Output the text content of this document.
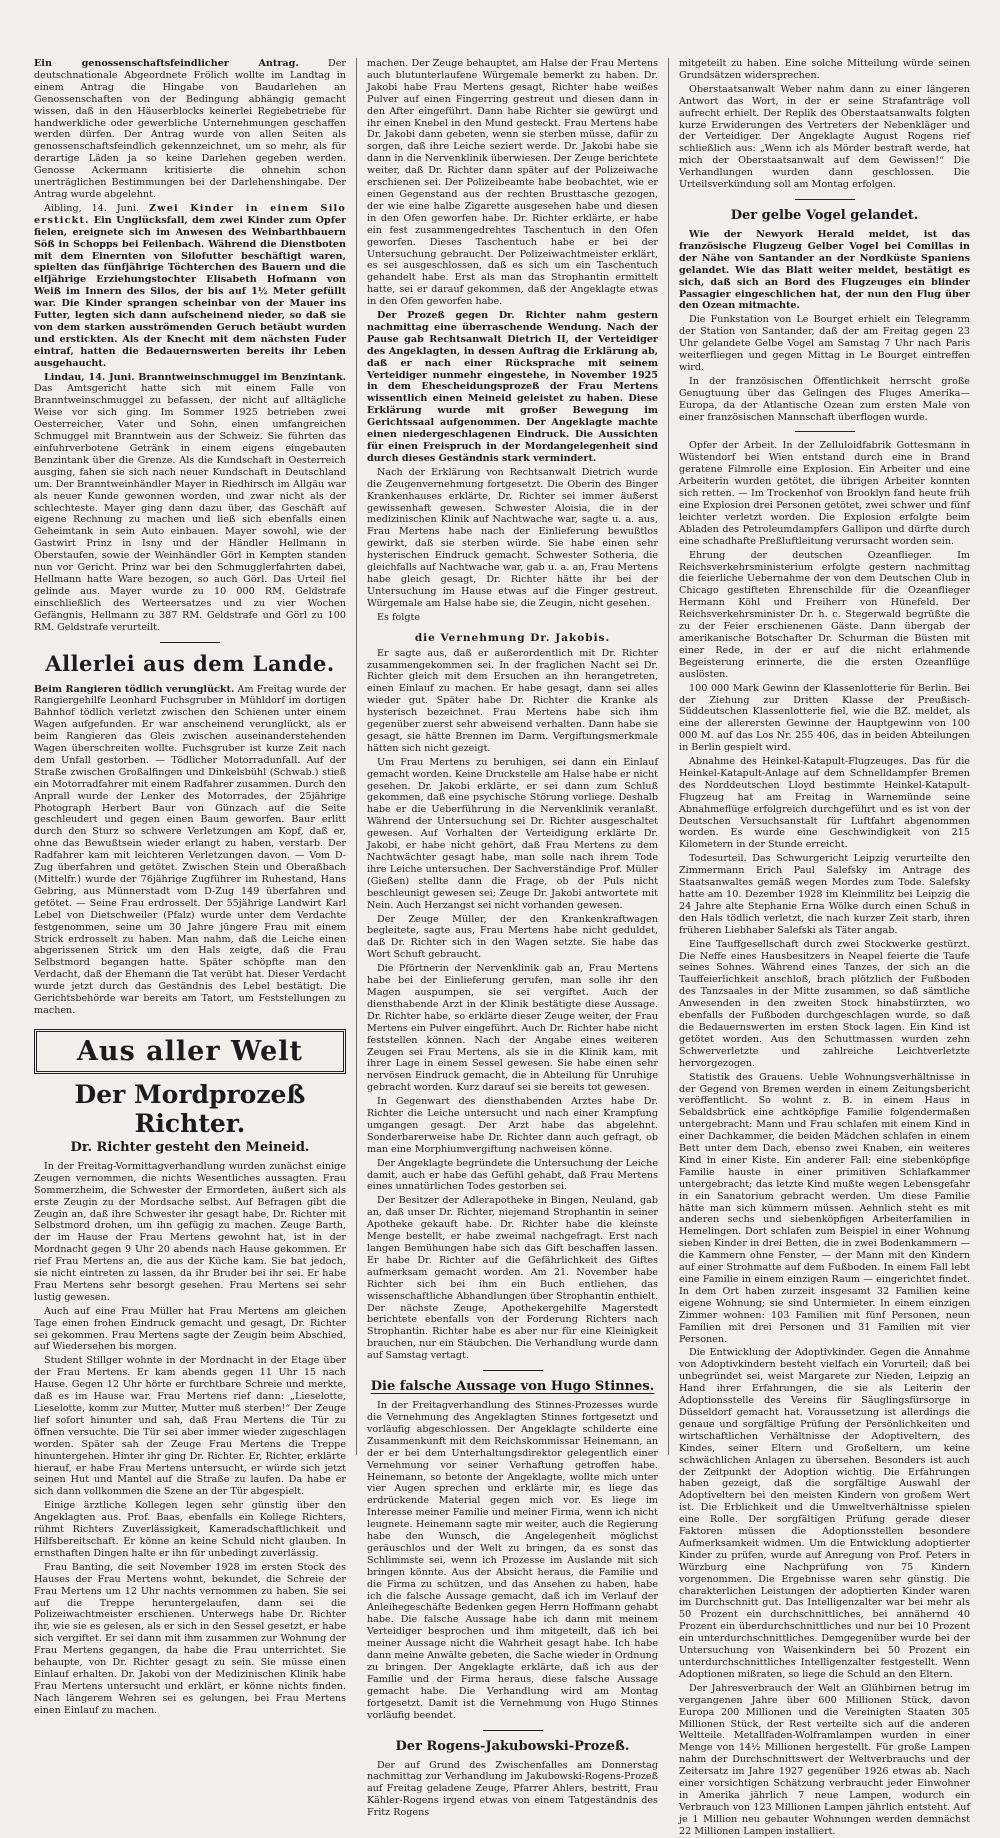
Ein genossenschaftsfeindlicher Antrag.	Der deutschnationale Abgeordnete Frölich wollte im Landtag in einem Antrag die Hingabe von Baudarlehen an Genossenschaften von der Bedingung abhängig gemacht wissen, daß in den Häuserblocks keinerlei Regiebetriebe für handwerkliche oder gewerbliche Unternehmungen geschaffen werden dürfen. Der Antrag wurde von allen Seiten als genossenschaftsfeindlich gekennzeichnet, um so mehr, als für derartige Läden ja so keine Darlehen gegeben werden. Genosse Ackermann kritisierte die ohnehin schon unerträglichen Bestimmungen bei der Darlehenshingabe. Der Antrag wurde abgelehnt.

Aibling, 14. Juni. Zwei Kinder in einem Silo erstickt. Ein Unglücksfall, dem zwei Kinder zum Opfer fielen, ereignete sich im Anwesen des Weinbarthbauern Söß in Schopps bei Feilenbach. Während die Dienstboten mit dem Einernten von Silofutter beschäftigt waren, spielten das fünfjährige Töchterchen des Bauern und die elfjährige Erziehungstochter Elisabeth Hofmann von Weiß im Innern des Silos, der bis auf 1½ Meter gefüllt war. Die Kinder sprangen scheinbar von der Mauer ins Futter, legten sich dann aufscheinend nieder, so daß sie von dem starken ausströmenden Geruch betäubt wurden und erstickten. Als der Knecht mit dem nächsten Fuder eintraf, hatten die Bedauernswerten bereits ihr Leben ausgehaucht.

Lindau, 14. Juni. Branntweinschmuggel im Benzintank. Das Amtsgericht hatte sich mit einem Falle von Branntweinschmuggel zu befassen, der nicht auf alltägliche Weise vor sich ging. Im Sommer 1925 betrieben zwei Oesterreicher, Vater und Sohn, einen umfangreichen Schmuggel mit Branntwein aus der Schweiz. Sie führten das einfuhrverbotene Getränk in einem eigens eingebauten Benzintank über die Grenze. Als die Kundschaft in Oesterreich ausging, fahen sie sich nach neuer Kundschaft in Deutschland um. Der Branntweinhändler Mayer in Riedhirsch im Allgäu war als neuer Kunde gewonnen worden, und zwar nicht als der schlechteste. Mayer ging dann dazu über, das Geschäft auf eigene Rechnung zu machen und ließ sich ebenfalls einen Geheimtank in sein Auto einbauen. Mayer sowohl, wie der Gastwirt Prinz in Isny und der Händler Hellmann in Oberstaufen, sowie der Weinhändler Görl in Kempten standen nun vor Gericht. Prinz war bei den Schmugglerfahrten dabei, Hellmann hatte Ware bezogen, so auch Görl. Das Urteil fiel gelinde aus. Mayer wurde zu 10 000 RM. Geldstrafe einschließlich des Werteersatzes und zu vier Wochen Gefängnis, Hellmann zu 387 RM. Geldstrafe und Görl zu 100 RM. Geldstrafe verurteilt.

Allerlei aus dem Lande.

Beim Rangieren tödlich verunglückt. Am Freitag wurde der Rangiergehilfe Leonhard Fuchsgruber in Mühldorf im dortigen Bahnhof tödlich verletzt zwischen den Schienen unter einem Wagen aufgefunden. Er war anscheinend verunglückt, als er beim Rangieren das Gleis zwischen auseinanderstehenden Wagen überschreiten wollte. Fuchsgruber ist kurze Zeit nach dem Unfall gestorben. — Tödlicher Motorradunfall. Auf der Straße zwischen Großalfingen und Dinkelsbühl (Schwab.) stieß ein Motorradfahrer mit einem Radfahrer zusammen. Durch den Anprall wurde der Lenker des Motorrades, der 25jährige Photograph Herbert Baur von Günzach auf die Seite geschleudert und gegen einen Baum geworfen. Baur erlitt durch den Sturz so schwere Verletzungen am Kopf, daß er, ohne das Bewußtsein wieder erlangt zu haben, verstarb. Der Radfahrer kam mit leichteren Verletzungen davon. — Vom D-Zug überfahren und getötet. Zwischen Stein und Oberaßbach (Mittelfr.) wurde der 76jährige Zugführer im Ruhestand, Hans Gebring, aus Münnerstadt vom D-Zug 149 überfahren und getötet. — Seine Frau erdrosselt. Der 55jährige Landwirt Karl Lebel von Dietschweiler (Pfalz) wurde unter dem Verdachte festgenommen, seine um 30 Jahre jüngere Frau mit einem Strick erdrosselt zu haben. Man nahm, daß die Leiche einen abgerissenen Strick um den Hals zeigte, daß die Frau Selbstmord begangen hatte. Später schöpfte man den Verdacht, daß der Ehemann die Tat verübt hat. Dieser Verdacht wurde jetzt durch das Geständnis des Lebel bestätigt. Die Gerichtsbehörde war bereits am Tatort, um Feststellungen zu machen.

Aus aller Welt
Der Mordprozeß Richter.
Dr. Richter gesteht den Meineid.

In der Freitag-Vormittagverhandlung wurden zunächst einige Zeugen vernommen, die nichts Wesentliches aussagten. Frau Sommerzheim, die Schwester der Ermordeten, äußert sich als erste Zeugin zu der Mordsache selbst. Auf Befragen gibt die Zeugin an, daß ihre Schwester ihr gesagt habe, Dr. Richter mit Selbstmord drohen, um ihn gefügig zu machen. Zeuge Barth, der im Hause der Frau Mertens gewohnt hat, ist in der Mordnacht gegen 9 Uhr 20 abends nach Hause gekommen. Er rief Frau Mertens an, die aus der Küche kam. Sie bat jedoch, sie nicht eintreten zu lassen, da ihr Bruder bei ihr sei. Er habe Frau Mertens sehr besorgt gesehen. Frau Mertens sei sehr lustig gewesen.

Auch auf eine Frau Müller hat Frau Mertens am gleichen Tage einen frohen Eindruck gemacht und gesagt, Dr. Richter sei gekommen. Frau Mertens sagte der Zeugin beim Abschied, auf Wiedersehen bis morgen.

Student Stillger wohnte in der Mordnacht in der Etage über der Frau Mertens. Er kam abends gegen 11 Uhr 15 nach Hause. Gegen 12 Uhr hörte er furchtbare Schreie und merkte, daß es im Hause war. Frau Mertens rief dann: „Lieselotte, Lieselotte, komm zur Mutter, Mutter muß sterben!“ Der Zeuge lief sofort hinunter und sah, daß Frau Mertens die Tür zu öffnen versuchte. Die Tür sei aber immer wieder zugeschlagen worden. Später sah der Zeuge Frau Mertens die Treppe hinuntergehen. Hinter ihr ging Dr. Richter. Er, Richter, erklärte hierauf, er habe Frau Mertens untersucht, er würde sich jetzt seinen Hut und Mantel auf die Straße zu laufen. Da habe er sich dann vollkommen die Szene an der Tür abgespielt.

Einige ärztliche Kollegen legen sehr günstig über den Angeklagten aus. Prof. Baas, ebenfalls ein Kollege Richters, rühmt Richters Zuverlässigkeit, Kameradschaftlichkeit und Hilfsbereitschaft. Er könne an keine Schuld nicht glauben. In ernsthaften Dingen halte er ihn für unbedingt zuverlässig.

Frau Banting, die seit November 1928 im ersten Stock des Hauses der Frau Mertens wohnt, bekundet, die Schreie der Frau Mertens um 12 Uhr nachts vernommen zu haben. Sie sei auf die Treppe heruntergelaufen, dann sei die Polizeiwachtmeister erschienen. Unterwegs habe Dr. Richter ihr, wie sie es gelesen, als er sich in den Sessel gesetzt, er habe sich vergiftet. Er sei dann mit ihm zusammen zur Wohnung der Frau Mertens gegangen, da habe die Frau unterrichtet. Sie behaupte, von Dr. Richter gesagt zu sein. Sie müsse einen Einlauf erhalten. Dr. Jakobi von der Medizinischen Klinik habe Frau Mertens untersucht und erklärt, er könne nichts finden. Nach längerem Wehren sei es gelungen, bei Frau Mertens einen Einlauf zu machen.

machen. Der Zeuge behauptet, am Halse der Frau Mertens auch blutunterlaufene Würgemale bemerkt zu haben. Dr. Jakobi habe Frau Mertens gesagt, Richter habe weißes Pulver auf einen Fingerring gestreut und diesen dann in den After eingeführt. Dann habe Richter sie gewürgt und ihr einen Knebel in den Mund gesteckt. Frau Mertens habe Dr. Jakobi dann gebeten, wenn sie sterben müsse, dafür zu sorgen, daß ihre Leiche seziert werde. Dr. Jakobi habe sie dann in die Nervenklinik überwiesen. Der Zeuge berichtete weiter, daß Dr. Richter dann später auf der Polizeiwache erschienen sei. Der Polizeibeamte habe beobachtet, wie er einen Gegenstand aus der rechten Brusttasche gezogen, der wie eine halbe Zigarette ausgesehen habe und diesen in den Ofen geworfen habe. Dr. Richter erklärte, er habe ein fest zusammengedrehtes Taschentuch in den Ofen geworfen. Dieses Taschentuch habe er bei der Untersuchung gebraucht. Der Polizeiwachtmeister erklärt, es sei ausgeschlossen, daß es sich um ein Taschentuch gehandelt habe. Erst als man das Strophantin ermittelt hatte, sei er darauf gekommen, daß der Angeklagte etwas in den Ofen geworfen habe.

Der Prozeß gegen Dr. Richter nahm gestern nachmittag eine überraschende Wendung. Nach der Pause gab Rechtsanwalt Dietrich II, der Verteidiger des Angeklagten, in dessen Auftrag die Erklärung ab, daß er nach einer Rücksprache mit seinem Verteidiger nunmehr eingestehe, in November 1925 in dem Ehescheidungsprozeß der Frau Mertens wissentlich einen Meineid geleistet zu haben. Diese Erklärung wurde mit großer Bewegung im Gerichtssaal aufgenommen. Der Angeklagte machte einen niedergeschlagenen Eindruck. Die Aussichten für einen Freispruch in der Mordangelegenheit sind durch dieses Geständnis stark vermindert.

Nach der Erklärung von Rechtsanwalt Dietrich wurde die Zeugenvernehmung fortgesetzt. Die Oberin des Binger Krankenhauses erklärte, Dr. Richter sei immer äußerst gewissenhaft gewesen. Schwester Aloisia, die in der medizinischen Klinik auf Nachtwache war, sagte u. a. aus, Frau Mertens habe nach der Einlieferung bewußtlos gewirkt, daß sie sterben würde. Sie habe einen sehr hysterischen Eindruck gemacht. Schwester Sotheria, die gleichfalls auf Nachtwache war, gab u. a. an, Frau Mertens habe gleich gesagt, Dr. Richter hätte ihr bei der Untersuchung im Hause etwas auf die Finger gestreut. Würgemale am Halse habe sie, die Zeugin, nicht gesehen.

Es folgte

die Vernehmung Dr. Jakobis.

Er sagte aus, daß er außerordentlich mit Dr. Richter zusammengekommen sei. In der fraglichen Nacht sei Dr. Richter gleich mit dem Ersuchen an ihn herangetreten, einen Einlauf zu machen. Er habe gesagt, dann sei alles wieder gut. Später habe Dr. Richter die Kranke als hysterisch bezeichnet. Frau Mertens habe sich ihm gegenüber zuerst sehr abweisend verhalten. Dann habe sie gesagt, sie hätte Brennen im Darm. Vergiftungsmerkmale hätten sich nicht gezeigt.

Um Frau Mertens zu beruhigen, sei dann ein Einlauf gemacht worden. Keine Druckstelle am Halse habe er nicht gesehen. Dr. Jakobi erklärte, er sei dann zum Schluß gekommen, daß eine psychische Störung vorliege. Deshalb habe er die Ueberführung in die Nervenklinik veranlaßt. Während der Untersuchung sei Dr. Richter ausgeschaltet gewesen. Auf Vorhalten der Verteidigung erklärte Dr. Jakobi, er habe nicht gehört, daß Frau Mertens zu dem Nachtwächter gesagt habe, man solle nach ihrem Tode ihre Leiche untersuchen. Der Sachverständige Prof. Müller (Gießen) stellte dann die Frage, ob der Puls nicht beschleunigt gewesen sei; Zeuge Dr. Jakobi antwortete mit Nein. Auch Herzangst sei nicht vorhanden gewesen.

Der Zeuge Müller, der den Krankenkraftwagen begleitete, sagte aus, Frau Mertens habe nicht geduldet, daß Dr. Richter sich in den Wagen setzte. Sie habe das Wort Schuft gebraucht.

Die Pförtnerin der Nervenklinik gab an, Frau Mertens habe bei der Einlieferung gerufen, man solle ihr den Magen auspumpen, sie sei vergiftet. Auch der diensthabende Arzt in der Klinik bestätigte diese Aussage. Dr. Richter habe, so erklärte dieser Zeuge weiter, der Frau Mertens ein Pulver eingeführt. Auch Dr. Richter habe nicht feststellen können. Nach der Angabe eines weiteren Zeugen sei Frau Mertens, als sie in die Klinik kam, mit ihrer Lage in einem Sessel gewesen. Sie habe einen sehr nervösen Eindruck gemacht, die in Abteilung für Unruhige gebracht worden. Kurz darauf sei sie bereits tot gewesen.

In Gegenwart des diensthabenden Arztes habe Dr. Richter die Leiche untersucht und nach einer Krampfung umgangen gesagt. Der Arzt habe das abgelehnt. Sonderbarerweise habe Dr. Richter dann auch gefragt, ob man eine Morphiumvergiftung nachweisen könne.

Der Angeklagte begründete die Untersuchung der Leiche damit, auch er habe das Gefühl gehabt, daß Frau Mertens eines unnatürlichen Todes gestorben sei.

Der Besitzer der Adlerapotheke in Bingen, Neuland, gab an, daß unser Dr. Richter, niejemand Strophantin in seiner Apotheke gekauft habe. Dr. Richter habe die kleinste Menge bestellt, er habe zweimal nachgefragt. Erst nach langen Bemühungen habe sich das Gift beschaffen lassen. Er habe Dr. Richter auf die Gefährlichkeit des Giftes aufmerksam gemacht worden. Am 21. November habe Richter sich bei ihm ein Buch entliehen, das wissenschaftliche Abhandlungen über Strophantin enthielt. Der nächste Zeuge, Apothekergehilfe Magerstedt berichtete ebenfalls von der Forderung Richters nach Strophantin. Richter habe es aber nur für eine Kleinigkeit brauchen, nur ein Stäubchen. Die Verhandlung wurde dann auf Samstag vertagt.

Die falsche Aussage von Hugo Stinnes.

In der Freitagverhandlung des Stinnes-Prozesses wurde die Vernehmung des Angeklagten Stinnes fortgesetzt und vorläufig abgeschlossen. Der Angeklagte schilderte eine Zusammenkunft mit dem Reichskommissar Heinemann, an der er bei dem Unterhaltungsdirektor gelegentlich einer Vernehmung vor seiner Verhaftung getroffen habe. Heinemann, so betonte der Angeklagte, wollte mich unter vier Augen sprechen und erklärte mir, es liege das erdrückende Material gegen mich vor. Es liege im Interesse meiner Familie und meiner Firma, wenn ich nicht leugnete. Heinemann sagte mir weiter, auch die Regierung habe den Wunsch, die Angelegenheit möglichst geräuschlos und der Welt zu bringen, da es sonst das Schlimmste sei, wenn ich Prozesse im Auslande mit sich bringen könnte. Aus der Absicht heraus, die Familie und die Firma zu schützen, und das Ansehen zu haben, habe ich die falsche Aussage gemacht, daß ich im Verlauf der Anleihegeschäfte Bedenken gegen Herrn Hoffmann gehabt habe. Die falsche Aussage habe ich dann mit meinem Verteidiger besprochen und ihm mitgeteilt, daß ich bei meiner Aussage nicht die Wahrheit gesagt habe. Ich habe dann meine Anwälte gebeten, die Sache wieder in Ordnung zu bringen. Der Angeklagte erklärte, daß ich aus der Familie und der Firma heraus, diese falsche Aussage gemacht habe. Die Verhandlung wird am Montag fortgesetzt. Damit ist die Vernehmung von Hugo Stinnes vorläufig beendet.

Der Rogens-Jakubowski-Prozeß.

Der auf Grund des Zwischenfalles am Donnerstag nachmittag zur Verhandlung im Jakubowski-Rogens-Prozeß auf Freitag geladene Zeuge, Pfarrer Ahlers, bestritt, Frau Kähler-Rogens irgend etwas von einem Tatgeständnis des Fritz Rogens

mitgeteilt zu haben. Eine solche Mitteilung würde seinen Grundsätzen widersprechen.

Oberstaatsanwalt Weber nahm dann zu einer längeren Antwort das Wort, in der er seine Strafanträge voll aufrecht erhielt. Der Replik des Oberstaatsanwalts folgten kurze Erwiderungen des Vertreters der Nebenkläger und der Verteidiger. Der Angeklagte August Rogens rief schließlich aus: „Wenn ich als Mörder bestraft werde, hat mich der Oberstaatsanwalt auf dem Gewissen!“ Die Verhandlungen wurden dann geschlossen. Die Urteilsverkündung soll am Montag erfolgen.

Der gelbe Vogel gelandet.

Wie der Newyork Herald meldet, ist das französische Flugzeug Gelber Vogel bei Comillas in der Nähe von Santander an der Nordküste Spaniens gelandet. Wie das Blatt weiter meldet, bestätigt es sich, daß sich an Bord des Flugzeuges ein blinder Passagier eingeschlichen hat, der nun den Flug über den Ozean mitmachte.

Die Funkstation von Le Bourget erhielt ein Telegramm der Station von Santander, daß der am Freitag gegen 23 Uhr gelandete Gelbe Vogel am Samstag 7 Uhr nach Paris weiterfliegen und gegen Mittag in Le Bourget eintreffen wird.

In der französischen Öffentlichkeit herrscht große Genugtuung über das Gelingen des Fluges Amerika—Europa, da der Atlantische Ozean zum ersten Male von einer französischen Mannschaft überflogen wurde.

Opfer der Arbeit. In der Zelluloidfabrik Gottesmann in Wüstendorf bei Wien entstand durch eine in Brand geratene Filmrolle eine Explosion. Ein Arbeiter und eine Arbeiterin wurden getötet, die übrigen Arbeiter konnten sich retten. — Im Trockenhof von Brooklyn fand heute früh eine Explosion drei Personen getötet, zwei schwer und fünf leichter verletzt worden. Die Explosion erfolgte beim Abladen des Petroleumdampfers Gallipon und dürfte durch eine schadhafte Preßluftleitung verursacht worden sein.

Ehrung der deutschen Ozeanflieger. Im Reichsverkehrsministerium erfolgte gestern nachmittag die feierliche Uebernahme der von dem Deutschen Club in Chicago gestifteten Ehrenschilde für die Ozeanflieger Hermann Köhl und Freiherr von Hünefeld. Der Reichsverkehrsminister Dr. h. c. Stegerwald begrüßte die zu der Feier erschienenen Gäste. Dann übergab der amerikanische Botschafter Dr. Schurman die Büsten mit einer Rede, in der er auf die nicht erlahmende Begeisterung erinnerte, die die ersten Ozeanflüge auslösten.

100 000 Mark Gewinn der Klassenlotterie für Berlin. Bei der Ziehung zur Dritten Klasse der Preußisch-Süddeutschen Klassenlotterie fiel, wie die BZ. meldet, als eine der allerersten Gewinne der Hauptgewinn von 100 000 M. auf das Los Nr. 255 406, das in beiden Abteilungen in Berlin gespielt wird.

Abnahme des Heinkel-Katapult-Flugzeuges. Das für die Heinkel-Katapult-Anlage auf dem Schnelldampfer Bremen des Norddeutschen Lloyd bestimmte Heinkel-Katapult-Flugzeug hat am Freitag in Warnemünde seine Abnahmeflüge erfolgreich durchgeführt und es ist von der Deutschen Versuchsanstalt für Luftfahrt abgenommen worden. Es wurde eine Geschwindigkeit von 215 Kilometern in der Stunde erreicht.

Todesurteil. Das Schwurgericht Leipzig verurteilte den Zimmermann Erich Paul Salefsky im Antrage des Staatsanwaltes gemäß wegen Mordes zum Tode. Salefsky hatte am 10. Dezember 1928 im Kleinmilitz bei Leipzig die 24 Jahre alte Stephanie Erna Wölke durch einen Schuß in den Hals tödlich verletzt, die nach kurzer Zeit starb, ihren früheren Liebhaber Salefski als Täter angab.

Eine Tauffgesellschaft durch zwei Stockwerke gestürzt. Die Neffe eines Hausbesitzers in Neapel feierte die Taufe seines Sohnes. Während eines Tanzes, der sich an die Tauffeierlichkeit anschloß, brach plötzlich der Fußboden des Tanzsaales in der Mitte zusammen, so daß sämtliche Anwesenden in den zweiten Stock hinabstürzten, wo ebenfalls der Fußboden durchgeschlagen wurde, so daß die Bedauernswerten im ersten Stock lagen. Ein Kind ist getötet worden. Aus den Schuttmassen wurden zehn Schwerverletzte und zahlreiche Leichtverletzte hervorgezogen.

Statistik des Grauens. Ueble Wohnungsverhältnisse in der Gegend von Bremen werden in einem Zeitungsbericht veröffentlicht. So wohnt z. B. in einem Haus in Sebaldsbrück eine achtköpfige Familie folgendermaßen untergebracht: Mann und Frau schlafen mit einem Kind in einer Dachkammer, die beiden Mädchen schlafen in einem Bett unter dem Dach, ebenso zwei Knaben, ein weiteres Kind in einer Kiste. Ein anderer Fall: eine siebenköpfige Familie hauste in einer primitiven Schlafkammer untergebracht; das letzte Kind mußte wegen Lebensgefahr in ein Sanatorium gebracht werden. Um diese Familie hätte man sich kümmern müssen. Aehnlich steht es mit anderen sechs und siebenköpfigen Arbeiterfamilien in Hemelingen. Dort schlafen zum Beispiel in einer Wohnung sieben Kinder in drei Betten, die in zwei Bodenkammern — die Kammern ohne Fenster, — der Mann mit den Kindern auf einer Strohmatte auf dem Fußboden. In einem Fall lebt eine Familie in einem einzigen Raum — eingerichtet findet. In dem Ort haben zurzeit insgesamt 32 Familien keine eigene Wohnung; sie sind Untermieter. In einem einzigen Zimmer wohnen: 103 Familien mit fünf Personen, neun Familien mit drei Personen und 31 Familien mit vier Personen.

Die Entwicklung der Adoptivkinder. Gegen die Annahme von Adoptivkindern besteht vielfach ein Vorurteil; daß bei unbegründet sei, weist Margarete zur Nieden, Leipzig an Hand ihrer Erfahrungen, die sie als Leiterin der Adoptionsstelle des Vereins für Säuglingsfürsorge in Düsseldorf gemacht hat. Voraussetzung ist allerdings die genaue und sorgfältige Prüfung der Persönlichkeiten und wirtschaftlichen Verhältnisse der Adoptiveltern, des Kindes, seiner Eltern und Großeltern, um keine schwächlichen Anlagen zu übersehen. Besonders ist auch der Zeitpunkt der Adoption wichtig. Die Erfahrungen haben gezeigt, daß die sorgfältige Auswahl der Adoptiveltern bei den meisten Kindern von großem Wert ist. Die Erblichkeit und die Umweltverhältnisse spielen eine Rolle. Der sorgfältigen Prüfung gerade dieser Faktoren müssen die Adoptionsstellen besondere Aufmerksamkeit widmen. Um die Entwicklung adoptierter Kinder zu prüfen, wurde auf Anregung von Prof. Peters in Würzburg eine Nachprüfung von 75 Kindern vorgenommen. Die Ergebnisse waren sehr günstig. Die charakterlichen Leistungen der adoptierten Kinder waren im Durchschnitt gut. Das Intelligenzalter war bei mehr als 50 Prozent ein durchschnittliches, bei annähernd 40 Prozent ein überdurchschnittliches und nur bei 10 Prozent ein unterdurchschnittliches. Demgegenüber wurde bei der Untersuchung von Waisenkindern bei 50 Prozent ein unterdurchschnittliches Intelligenzalter festgestellt. Wenn Adoptionen mißraten, so liege die Schuld an den Eltern.

Der Jahresverbrauch der Welt an Glühbirnen betrug im vergangenen Jahre über 600 Millionen Stück, davon Europa 200 Millionen und die Vereinigten Staaten 305 Millionen Stück, der Rest verteilte sich auf die anderen Weltteile. Metallfaden-Wolframlampen wurden in einer Menge von 14½ Millionen hergestellt. Für große Lampen nahm der Durchschnittswert der Weltverbrauchs und der Zeitersatz im Jahre 1927 gegenüber 1926 etwas ab. Nach einer vorsichtigen Schätzung verbraucht jeder Einwohner in Amerika jährlich 7 neue Lampen, wodurch ein Verbrauch von 123 Millionen Lampen jährlich entsteht. Auf je 1 Million neu gebauter Wohnungen werden demnächst 22 Millionen Lampen installiert.
